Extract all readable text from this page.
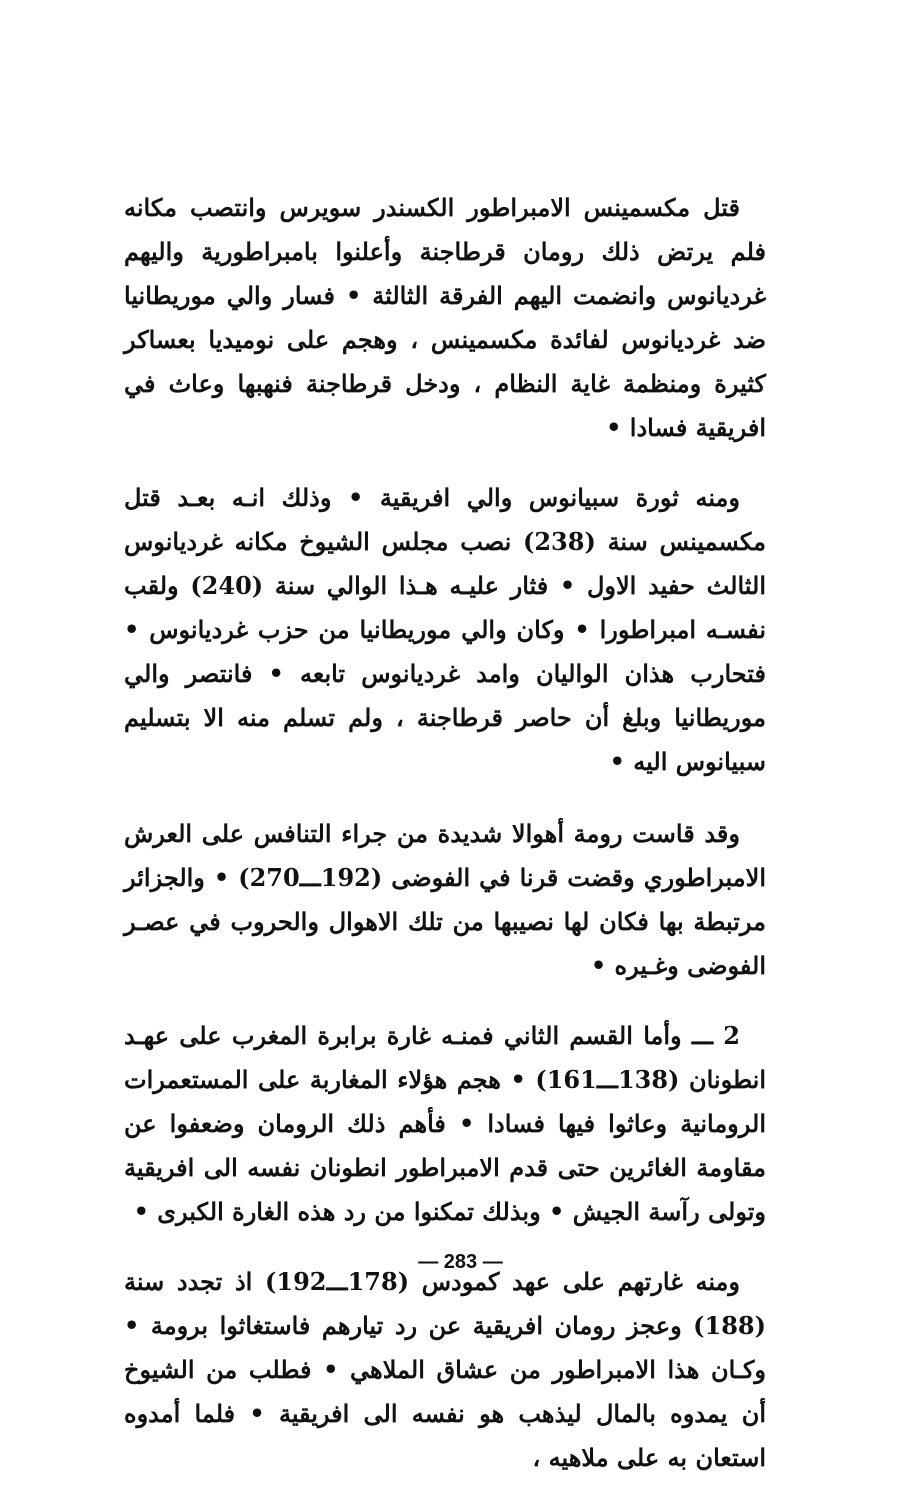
قتل مكسمينس الامبراطور الكسندر سويرس وانتصب مكانه فلم يرتض ذلك رومان قرطاجنة وأعلنوا بامبراطورية واليهم غرديانوس وانضمت اليهم الفرقة الثالثة • فسار والي موريطانيا ضد غرديانوس لفائدة مكسمينس ، وهجم على نوميديا بعساكر كثيرة ومنظمة غاية النظام ، ودخل قرطاجنة فنهبها وعاث في افريقية فسادا •

ومنه ثورة سبيانوس والي افريقية • وذلك انـه بعـد قتل مكسمينس سنة (238) نصب مجلس الشيوخ مكانه غرديانوس الثالث حفيد الاول • فثار عليـه هـذا الوالي سنة (240) ولقب نفسـه امبراطورا • وكان والي موريطانيا من حزب غرديانوس • فتحارب هذان الواليان وامد غرديانوس تابعه • فانتصر والي موريطانيا وبلغ أن حاصر قرطاجنة ، ولم تسلم منه الا بتسليم سبيانوس اليه •

وقد قاست رومة أهوالا شديدة من جراء التنافس على العرش الامبراطوري وقضت قرنا في الفوضى (192ـــ270) • والجزائر مرتبطة بها فكان لها نصيبها من تلك الاهوال والحروب في عصـر الفوضى وغـيره •

2 ـــ وأما القسم الثاني فمنـه غارة برابرة المغرب على عهـد انطونان (138ـــ161) • هجم هؤلاء المغاربة على المستعمرات الرومانية وعاثوا فيها فسادا • فأهم ذلك الرومان وضعفوا عن مقاومة الغائرين حتى قدم الامبراطور انطونان نفسه الى افريقية وتولى رآسة الجيش • وبذلك تمكنوا من رد هذه الغارة الكبرى •

ومنه غارتهم على عهد كمودس (178ـــ192) اذ تجدد سنة (188) وعجز رومان افريقية عن رد تيارهم فاستغاثوا برومة • وكـان هذا الامبراطور من عشاق الملاهي • فطلب من الشيوخ أن يمدوه بالمال ليذهب هو نفسه الى افريقية • فلما أمدوه استعان به على ملاهيه ،

— 283 —
